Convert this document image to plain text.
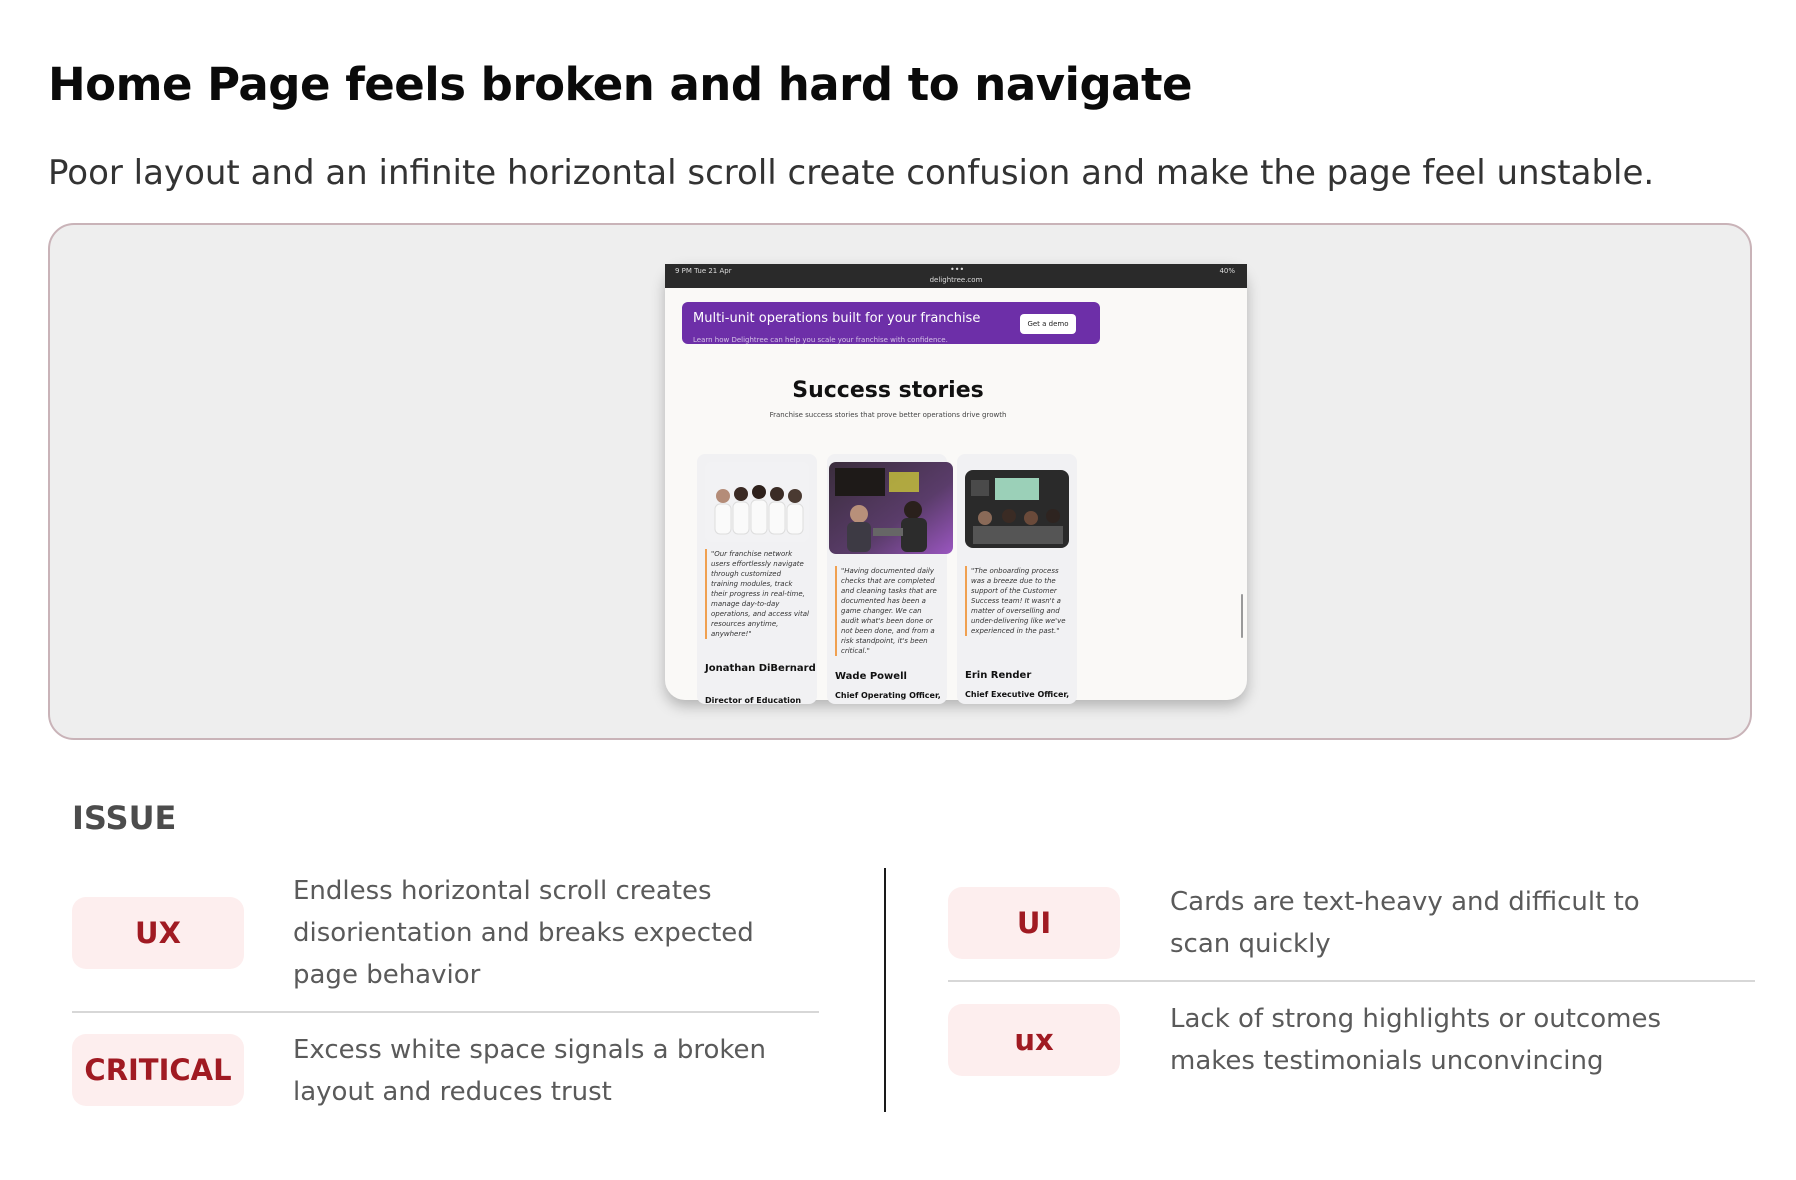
Home Page feels broken and hard to navigate
Poor layout and an infinite horizontal scroll create confusion and make the page feel unstable.
9 PM Tue 21 Apr	•••
delightree.com
40%
Multi-unit operations built for your franchise	Get a demo
Learn how Delightree can help you scale your franchise with confidence.
Success stories
Franchise success stories that prove better operations drive growth
"Our franchise network users effortlessly navigate through customized training modules, track their progress in real-time, manage day-to-day operations, and access vital resources anytime, anywhere!"
Jonathan DiBernard
Director of Education
"Having documented daily checks that are completed and cleaning tasks that are documented has been a game changer. We can audit what's been done or not been done, and from a risk standpoint, it's been critical."
Wade Powell
Chief Operating Officer,
"The onboarding process was a breeze due to the support of the Customer Success team! It wasn't a matter of overselling and under-delivering like we've experienced in the past."
Erin Render
Chief Executive Officer,
ISSUE
UX
Endless horizontal scroll creates disorientation and breaks expected page behavior
CRITICAL
Excess white space signals a broken layout and reduces trust
UI
Cards are text-heavy and difficult to scan quickly
ux
Lack of strong highlights or outcomes makes testimonials unconvincing
